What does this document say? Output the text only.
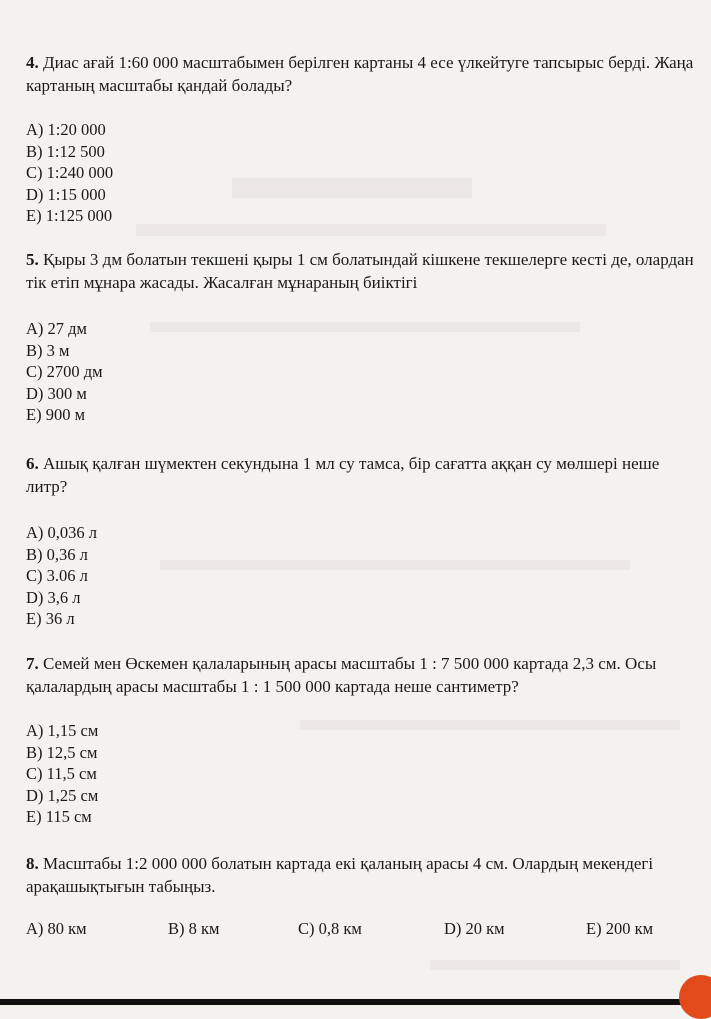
4. Диас ағай 1:60 000 масштабымен берілген картаны 4 есе үлкейтуге тапсырыс берді. Жаңа картаның масштабы қандай болады?

A) 1:20 000
B) 1:12 500
C) 1:240 000
D) 1:15 000
E) 1:125 000

5. Қыры 3 дм болатын текшені қыры 1 см болатындай кішкене текшелерге кесті де, олардан тік етіп мұнара жасады. Жасалған мұнараның биіктігі

A) 27 дм
B) 3 м
C) 2700 дм
D) 300 м
E) 900 м

6. Ашық қалған шүмектен секундына 1 мл су тамса, бір сағатта аққан су мөлшері неше литр?

A) 0,036 л
B) 0,36 л
C) 3.06 л
D) 3,6 л
E) 36 л

7. Семей мен Өскемен қалаларының арасы масштабы 1 : 7 500 000 картада 2,3 см. Осы қалалардың арасы масштабы 1 : 1 500 000 картада неше сантиметр?

A) 1,15 см
B) 12,5 см
C) 11,5 см
D) 1,25 см
E) 115 см

8. Масштабы 1:2 000 000 болатын картада екі қаланың арасы 4 см. Олардың мекендегі арақашықтығын табыңыз.

A) 80 км	B) 8 км	C) 0,8 км	D) 20 км	E) 200 км
